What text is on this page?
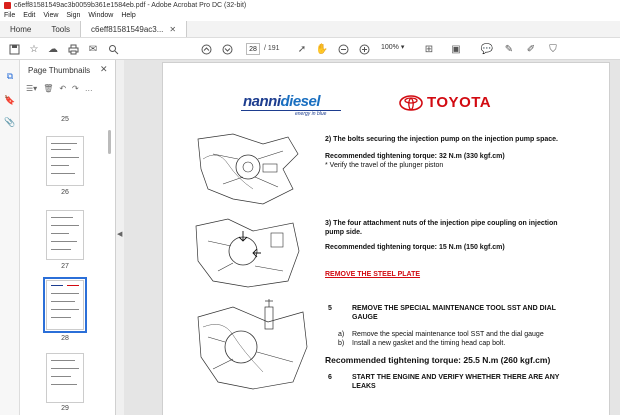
c6eff81581549ac3b0059b361e1584eb.pdf - Adobe Acrobat Pro DC (32-bit)
File Edit View Sign Window Help
Home	Tools	c6eff81581549ac3... ✕
☆ ☁	✉	28	/ 191 ➚ ✋	100% ▾ ⊞ ▣ 💬 ✎ ✐ ⛉
⧉
🔖
📎
Page Thumbnails ✕
☰▾ 🗑 ↶ ↷ …
25
26
27
28
29
◀
nannidiesel
energy in blue
TOYOTA
2) The bolts securing the injection pump on the injection pump space.
Recommended tightening torque: 32 N.m (330 kgf.cm)
* Verify the travel of the plunger piston
3) The four attachment nuts of the injection pipe coupling on injection
pump side.
Recommended tightening torque: 15 N.m (150 kgf.cm)
REMOVE THE STEEL PLATE
5	REMOVE THE SPECIAL MAINTENANCE TOOL SST AND DIAL
GAUGE
a) Remove the special maintenance tool SST and the dial gauge
b) Install a new gasket and the timing head cap bolt.
Recommended tightening torque: 25.5 N.m (260 kgf.cm)
6	START THE ENGINE AND VERIFY WHETHER THERE ARE ANY
LEAKS
